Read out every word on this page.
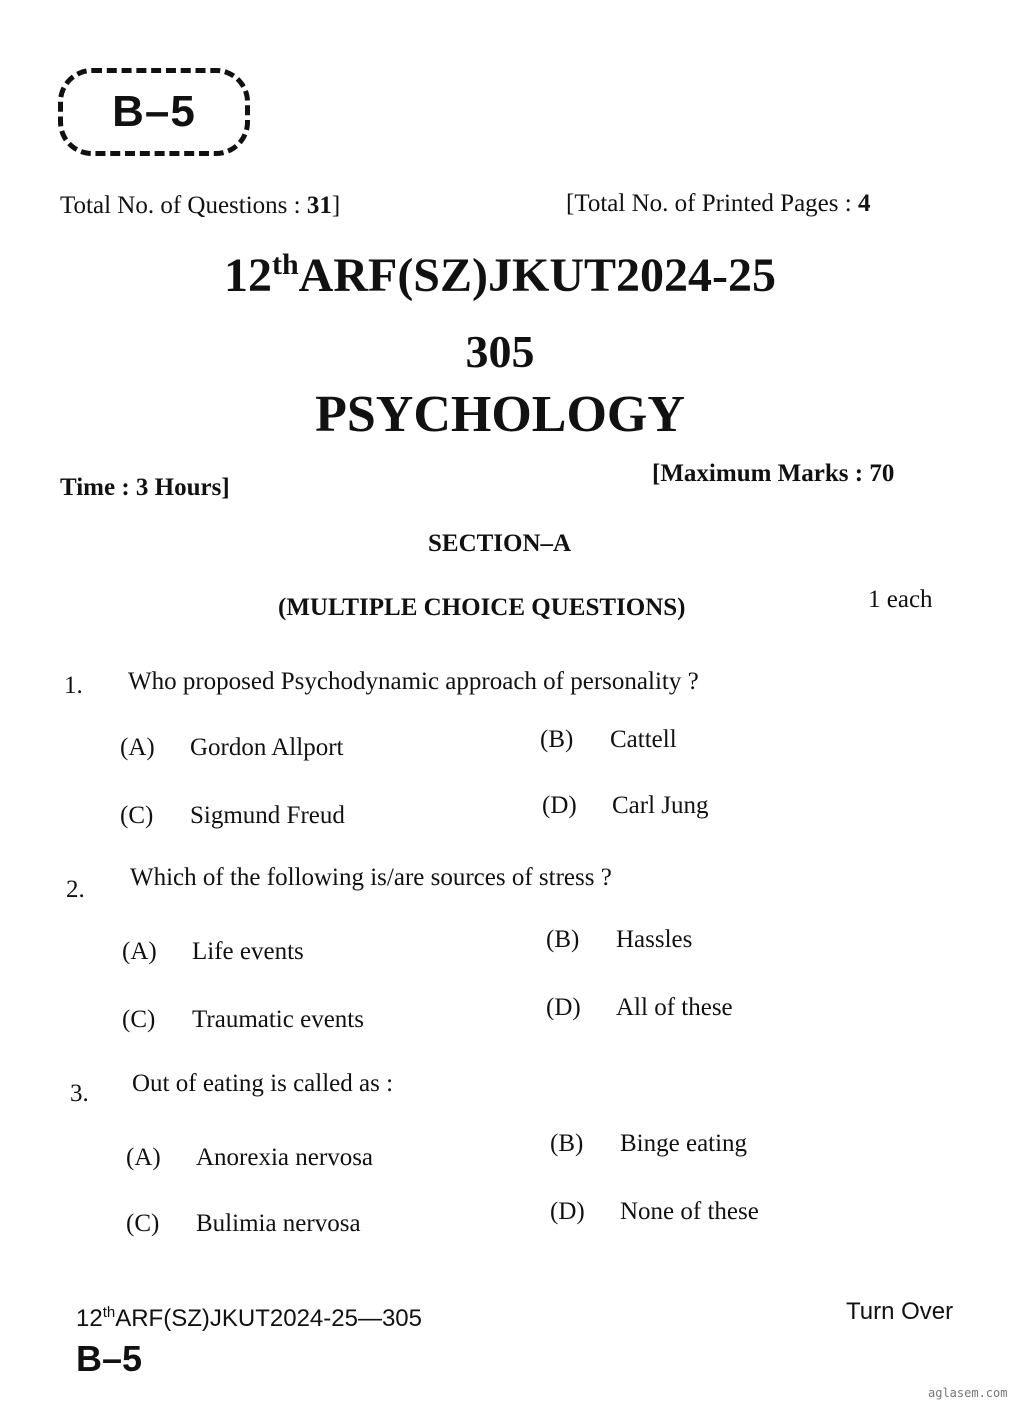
B–5
Total No. of Questions : 31]	[Total No. of Printed Pages : 4
12thARF(SZ)JKUT2024-25
305
PSYCHOLOGY
Time : 3 Hours]
[Maximum Marks : 70
SECTION–A
(MULTIPLE CHOICE QUESTIONS)	1 each
1. Who proposed Psychodynamic approach of personality ?
(A) Gordon Allport	(B) Cattell
(C) Sigmund Freud	(D) Carl Jung
2. Which of the following is/are sources of stress ?
(A) Life events	(B) Hassles
(C) Traumatic events	(D) All of these
3. Out of eating is called as :
(A) Anorexia nervosa
(B) Binge eating
(C) Bulimia nervosa	(D) None of these
12thARF(SZ)JKUT2024-25—305
B–5
Turn Over
aglasem.com
